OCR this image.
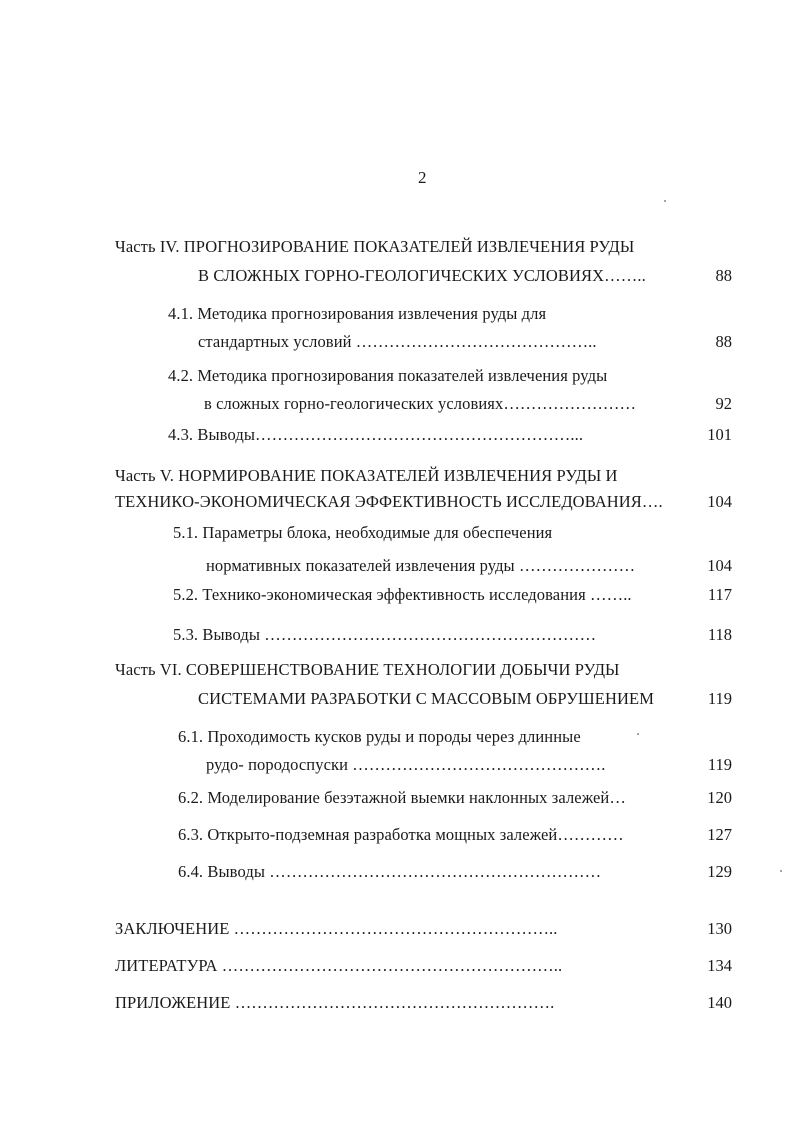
2
Часть IV. ПРОГНОЗИРОВАНИЕ ПОКАЗАТЕЛЕЙ ИЗВЛЕЧЕНИЯ РУДЫ
В СЛОЖНЫХ ГОРНО-ГЕОЛОГИЧЕСКИХ УСЛОВИЯХ……..	88
4.1. Методика прогнозирования извлечения руды для
стандартных условий ……………………………………..	88
4.2. Методика прогнозирования показателей извлечения руды
в сложных горно-геологических условиях……………………	92
4.3. Выводы…………………………………………………...	101
Часть V. НОРМИРОВАНИЕ ПОКАЗАТЕЛЕЙ ИЗВЛЕЧЕНИЯ РУДЫ И
ТЕХНИКО-ЭКОНОМИЧЕСКАЯ ЭФФЕКТИВНОСТЬ ИССЛЕДОВАНИЯ….	104
5.1. Параметры блока, необходимые для обеспечения
нормативных показателей извлечения руды …………………	104
5.2. Технико-экономическая эффективность исследования ……..	117
5.3. Выводы ……………………………………………………	118
Часть VI. СОВЕРШЕНСТВОВАНИЕ ТЕХНОЛОГИИ ДОБЫЧИ РУДЫ
СИСТЕМАМИ РАЗРАБОТКИ С МАССОВЫМ ОБРУШЕНИЕМ	119
6.1. Проходимость кусков руды и породы через длинные
рудо- породоспуски ……………………………………….	119
6.2. Моделирование безэтажной выемки наклонных залежей…	120
6.3. Открыто-подземная разработка мощных залежей…………	127
6.4. Выводы ……………………………………………………	129
ЗАКЛЮЧЕНИЕ …………………………………………………..	130
ЛИТЕРАТУРА ……………………………………………………..	134
ПРИЛОЖЕНИЕ ………………………………………………….	140
